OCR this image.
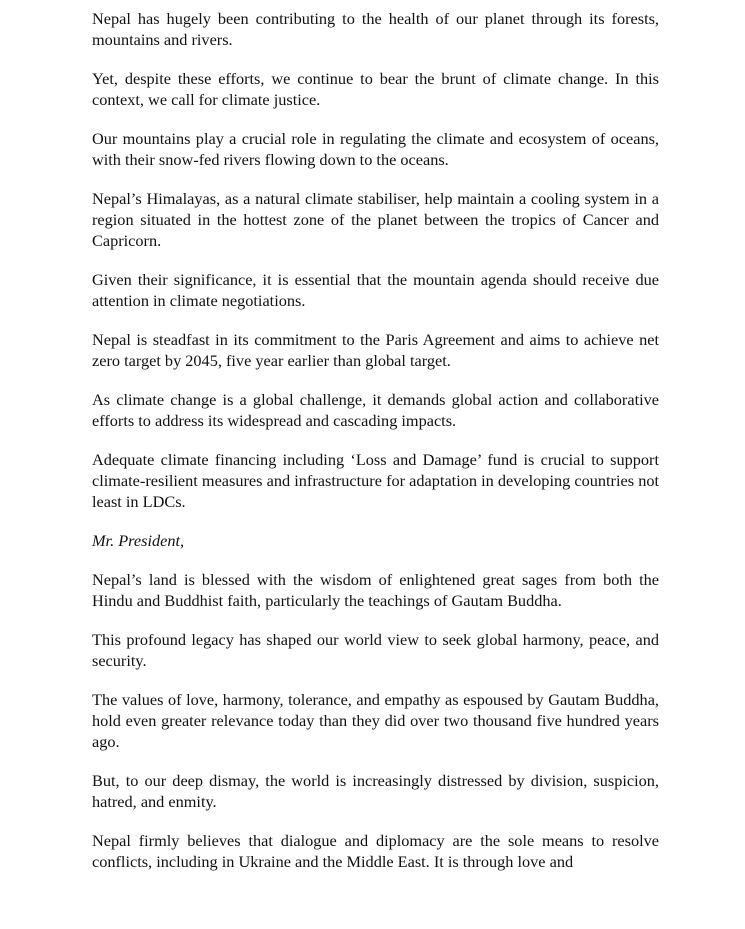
Nepal has hugely been contributing to the health of our planet through its forests, mountains and rivers.

Yet, despite these efforts, we continue to bear the brunt of climate change. In this context, we call for climate justice.

Our mountains play a crucial role in regulating the climate and ecosystem of oceans, with their snow-fed rivers flowing down to the oceans.

Nepal’s Himalayas, as a natural climate stabiliser, help maintain a cooling system in a region situated in the hottest zone of the planet between the tropics of Cancer and Capricorn.

Given their significance, it is essential that the mountain agenda should receive due attention in climate negotiations.

Nepal is steadfast in its commitment to the Paris Agreement and aims to achieve net zero target by 2045, five year earlier than global target.

As climate change is a global challenge, it demands global action and collaborative efforts to address its widespread and cascading impacts.

Adequate climate financing including ‘Loss and Damage’ fund is crucial to support climate-resilient measures and infrastructure for adaptation in developing countries not least in LDCs.

Mr. President,

Nepal’s land is blessed with the wisdom of enlightened great sages from both the Hindu and Buddhist faith, particularly the teachings of Gautam Buddha.

This profound legacy has shaped our world view to seek global harmony, peace, and security.

The values of love, harmony, tolerance, and empathy as espoused by Gautam Buddha, hold even greater relevance today than they did over two thousand five hundred years ago.

But, to our deep dismay, the world is increasingly distressed by division, suspicion, hatred, and enmity.

Nepal firmly believes that dialogue and diplomacy are the sole means to resolve conflicts, including in Ukraine and the Middle East. It is through love and
